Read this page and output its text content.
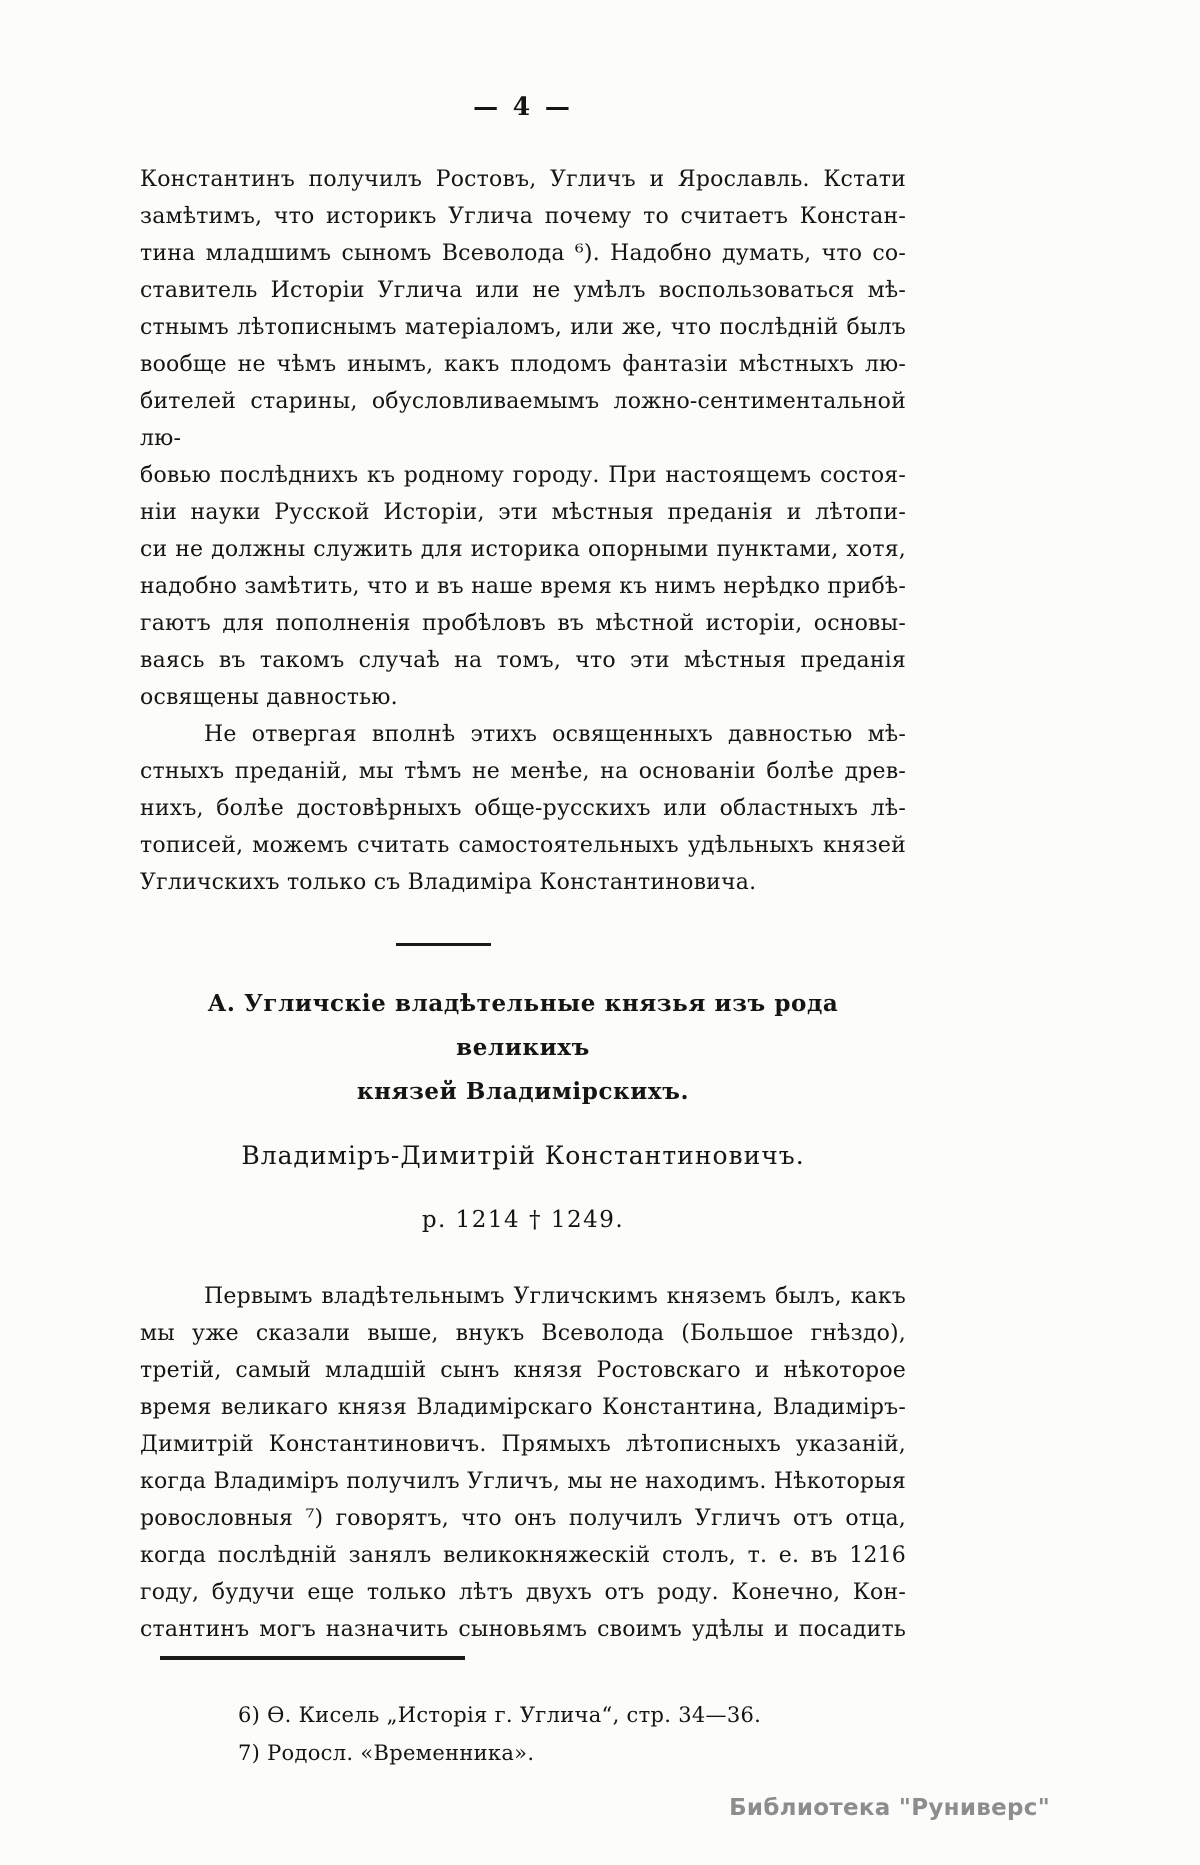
— 4 —
Константинъ получилъ Ростовъ, Угличъ и Ярославль. Кстати
замѣтимъ, что историкъ Углича почему то считаетъ Констан-
тина младшимъ сыномъ Всеволода ⁶). Надобно думать, что со-
ставитель Исторіи Углича или не умѣлъ воспользоваться мѣ-
стнымъ лѣтописнымъ матеріаломъ, или же, что послѣдній былъ
вообще не чѣмъ инымъ, какъ плодомъ фантазіи мѣстныхъ лю-
бителей старины, обусловливаемымъ ложно-сентиментальной лю-
бовью послѣднихъ къ родному городу. При настоящемъ состоя-
ніи науки Русской Исторіи, эти мѣстныя преданія и лѣтопи-
си не должны служить для историка опорными пунктами, хотя,
надобно замѣтить, что и въ наше время къ нимъ нерѣдко прибѣ-
гаютъ для пополненія пробѣловъ въ мѣстной исторіи, основы-
ваясь въ такомъ случаѣ на томъ, что эти мѣстныя преданія
освящены давностью.
Не отвергая вполнѣ этихъ освященныхъ давностью мѣ-
стныхъ преданій, мы тѣмъ не менѣе, на основаніи болѣе древ-
нихъ, болѣе достовѣрныхъ обще-русскихъ или областныхъ лѣ-
тописей, можемъ считать самостоятельныхъ удѣльныхъ князей
Угличскихъ только съ Владиміра Константиновича.
А. Угличскіе владѣтельные князья изъ рода великихъ
князей Владимірскихъ.
Владиміръ-Димитрій Константиновичъ.
р. 1214 † 1249.
Первымъ владѣтельнымъ Угличскимъ княземъ былъ, какъ
мы уже сказали выше, внукъ Всеволода (Большое гнѣздо),
третій, самый младшій сынъ князя Ростовскаго и нѣкоторое
время великаго князя Владимірскаго Константина, Владиміръ-
Димитрій Константиновичъ. Прямыхъ лѣтописныхъ указаній,
когда Владиміръ получилъ Угличъ, мы не находимъ. Нѣкоторыя
ровословныя ⁷) говорятъ, что онъ получилъ Угличъ отъ отца,
когда послѣдній занялъ великокняжескій столъ, т. е. въ 1216
году, будучи еще только лѣтъ двухъ отъ роду. Конечно, Кон-
стантинъ могъ назначить сыновьямъ своимъ удѣлы и посадить
6) Ѳ. Кисель „Исторія г. Углича“, стр. 34—36.
7) Родосл. «Временника».
Библиотека "Руниверс"
